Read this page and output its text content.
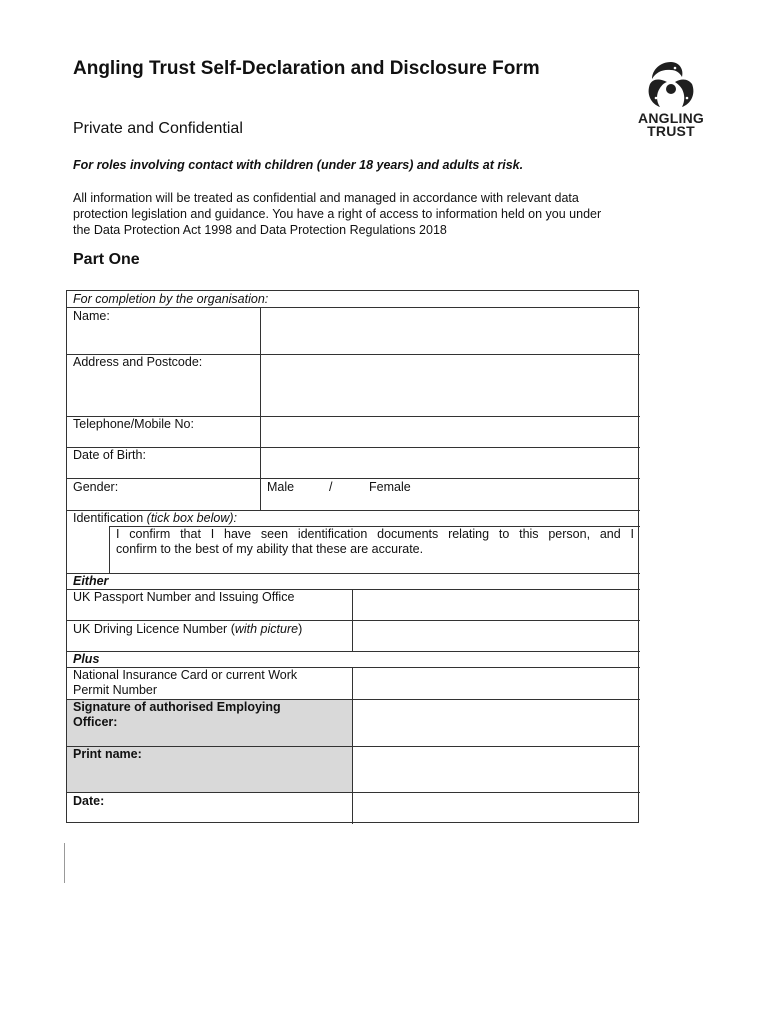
Angling Trust Self-Declaration and Disclosure Form

Private and Confidential

For roles involving contact with children (under 18 years) and adults at risk.

All information will be treated as confidential and managed in accordance with relevant data
protection legislation and guidance. You have a right of access to information held on you under
the Data Protection Act 1998 and Data Protection Regulations 2018
ANGLING
TRUST
Part One
For completion by the organisation:
Name:
Address and Postcode:
Telephone/Mobile No:
Date of Birth:
Gender:	Male	/	Female
Identification (tick box below):
I confirm that I have seen identification documents relating to this person, and I
confirm to the best of my ability that these are accurate.
Either
UK Passport Number and Issuing Office
UK Driving Licence Number (with picture)
Plus
National Insurance Card or current Work
Permit Number
Signature of authorised Employing
Officer:
Print name:
Date:
